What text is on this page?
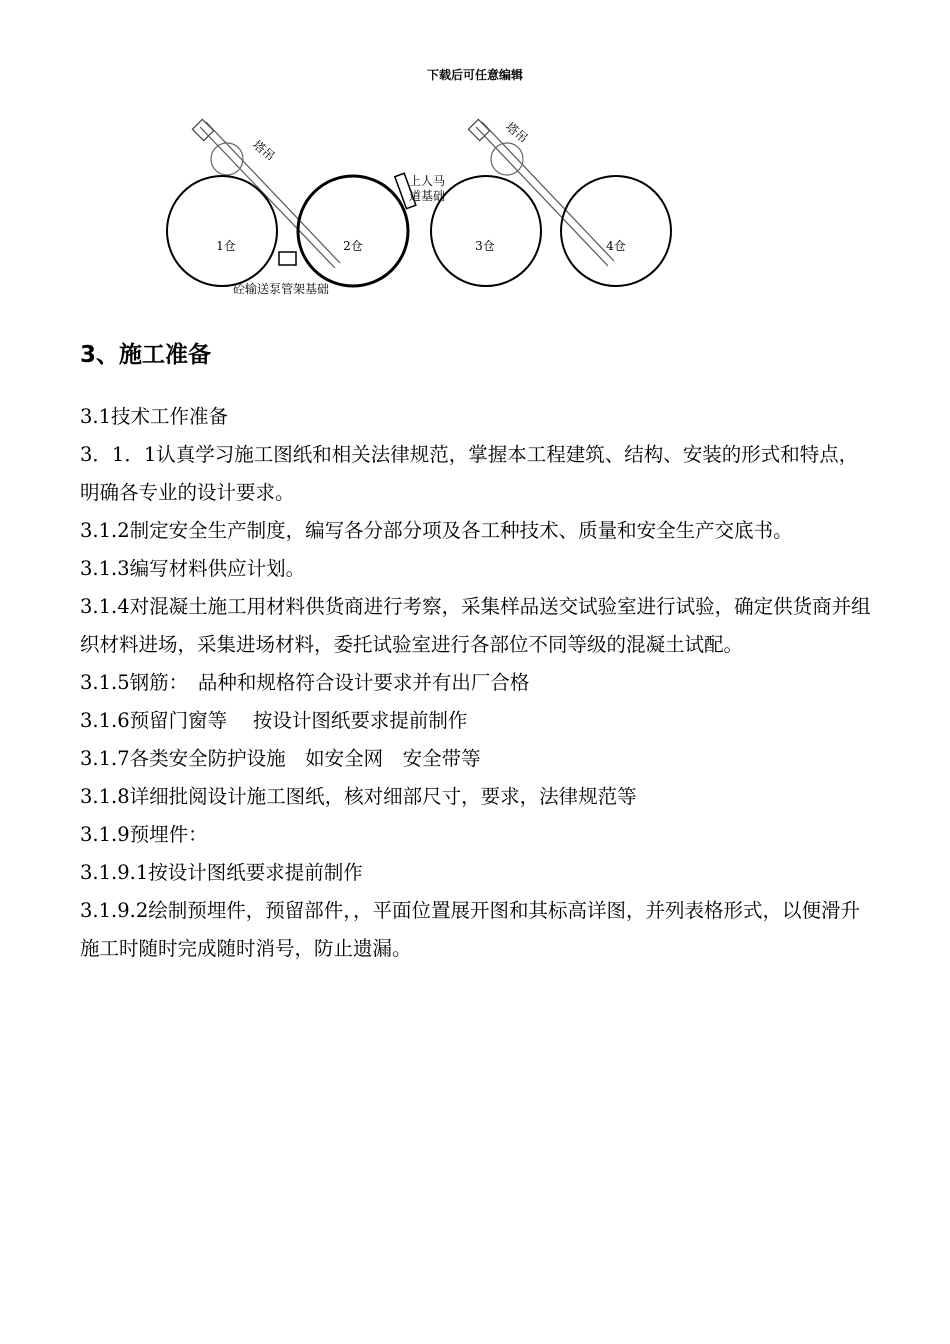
下载后可任意编辑
塔吊
塔吊
1仓	2仓	3仓	4仓
上人马
道基础
砼输送泵管架基础
3、施工准备

3.1技术工作准备

3．1．1认真学习施工图纸和相关法律规范，掌握本工程建筑、结构、安装的形式和特点，明确各专业的设计要求。

3.1.2制定安全生产制度，编写各分部分项及各工种技术、质量和安全生产交底书。

3.1.3编写材料供应计划。

3.1.4对混凝土施工用材料供货商进行考察，采集样品送交试验室进行试验，确定供货商并组织材料进场，采集进场材料，委托试验室进行各部位不同等级的混凝土试配。

3.1.5钢筋：　品种和规格符合设计要求并有出厂合格

3.1.6预留门窗等　 按设计图纸要求提前制作

3.1.7各类安全防护设施　如安全网　安全带等

3.1.8详细批阅设计施工图纸，核对细部尺寸，要求，法律规范等

3.1.9预埋件：

3.1.9.1按设计图纸要求提前制作

3.1.9.2绘制预埋件，预留部件，，平面位置展开图和其标高详图，并列表格形式，以便滑升施工时随时完成随时消号，防止遗漏。
